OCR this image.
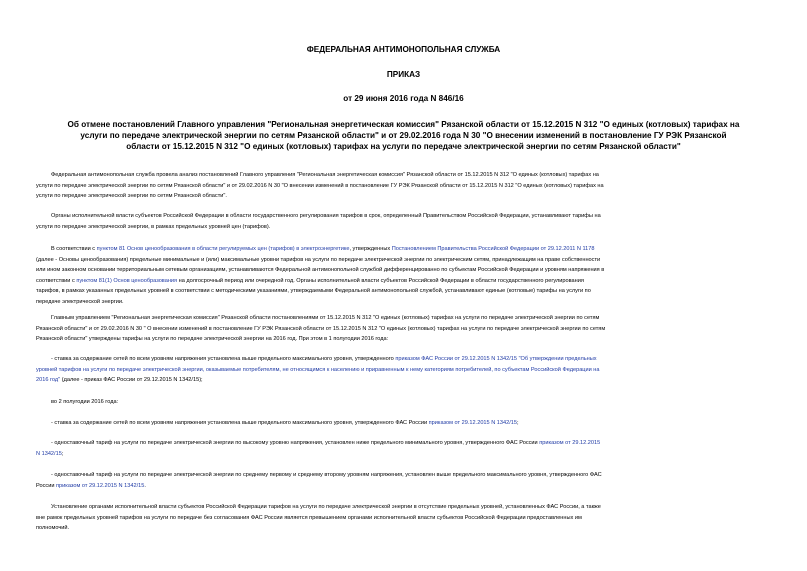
ФЕДЕРАЛЬНАЯ АНТИМОНОПОЛЬНАЯ СЛУЖБА
ПРИКАЗ
от 29 июня 2016 года N 846/16
Об отмене постановлений Главного управления "Региональная энергетическая комиссия" Рязанской области от 15.12.2015 N 312 "О единых (котловых) тарифах на
услуги по передаче электрической энергии по сетям Рязанской области" и от 29.02.2016 года N 30 "О внесении изменений в постановление ГУ РЭК Рязанской
области от 15.12.2015 N 312 "О единых (котловых) тарифах на услуги по передаче электрической энергии по сетям Рязанской области"
Федеральная антимонопольная служба провела анализ постановлений Главного управления "Региональная энергетическая комиссия" Рязанской области от 15.12.2015 N 312 "О единых (котловых) тарифах на
услуги по передаче электрической энергии по сетям Рязанской области" и от 29.02.2016 N 30 "О внесении изменений в постановление ГУ РЭК Рязанской области от 15.12.2015 N 312 "О единых (котловых) тарифах на
услуги по передаче электрической энергии по сетям Рязанской области".
Органы исполнительной власти субъектов Российской Федерации в области государственного регулирования тарифов в срок, определенный Правительством Российской Федерации, устанавливают тарифы на
услуги по передаче электрической энергии, в рамках предельных уровней цен (тарифов).
В соответствии с пунктом 81 Основ ценообразования в области регулируемых цен (тарифов) в электроэнергетике, утвержденных Постановлением Правительства Российской Федерации от 29.12.2011 N 1178
(далее - Основы ценообразования) предельные минимальные и (или) максимальные уровни тарифов на услуги по передаче электрической энергии по электрическим сетям, принадлежащим на праве собственности
или ином законном основании территориальным сетевым организациям, устанавливаются Федеральной антимонопольной службой дифференцированно по субъектам Российской Федерации и уровням напряжения в
соответствии с пунктом 81(1) Основ ценообразования на долгосрочный период или очередной год. Органы исполнительной власти субъектов Российской Федерации в области государственного регулирования
тарифов, в рамках указанных предельных уровней в соответствии с методическими указаниями, утверждаемыми Федеральной антимонопольной службой, устанавливают единые (котловые) тарифы на услуги по
передаче электрической энергии.
Главным управлением "Региональная энергетическая комиссия" Рязанской области постановлениями от 15.12.2015 N 312 "О единых (котловых) тарифах на услуги по передаче электрической энергии по сетям
Рязанской области" и от 29.02.2016 N 30 " О внесении изменений в постановление ГУ РЭК Рязанской области от 15.12.2015 N 312 "О единых (котловых) тарифах на услуги по передаче электрической энергии по сетям
Рязанской области" утверждены тарифы на услуги по передаче электрической энергии на 2016 год. При этом в 1 полугодии 2016 года:
- ставка за содержание сетей по всем уровням напряжения установлена выше предельного максимального уровня, утвержденного приказом ФАС России от 29.12.2015 N 1342/15 "Об утверждении предельных
уровней тарифов на услуги по передаче электрической энергии, оказываемые потребителям, не относящимся к населению и приравненным к нему категориям потребителей, по субъектам Российской Федерации на
2016 год" (далее - приказ ФАС России от 29.12.2015 N 1342/15);
во 2 полугодии 2016 года:
- ставка за содержание сетей по всем уровням напряжения установлена выше предельного максимального уровня, утвержденного ФАС России приказом от 29.12.2015 N 1342/15;
- одноставочный тариф на услуги по передаче электрической энергии по высокому уровню напряжения, установлен ниже предельного минимального уровня, утвержденного ФАС России приказом от 29.12.2015
N 1342/15;
- одноставочный тариф на услуги по передаче электрической энергии по среднему первому и среднему второму уровням напряжения, установлен выше предельного максимального уровня, утвержденного ФАС
России приказом от 29.12.2015 N 1342/15.
Установление органами исполнительной власти субъектов Российской Федерации тарифов на услуги по передаче электрической энергии в отсутствие предельных уровней, установленных ФАС России, а также
вне рамок предельных уровней тарифов на услуги по передаче без согласования ФАС России является превышением органами исполнительной власти субъектов Российской Федерации предоставленных им
полномочий.
